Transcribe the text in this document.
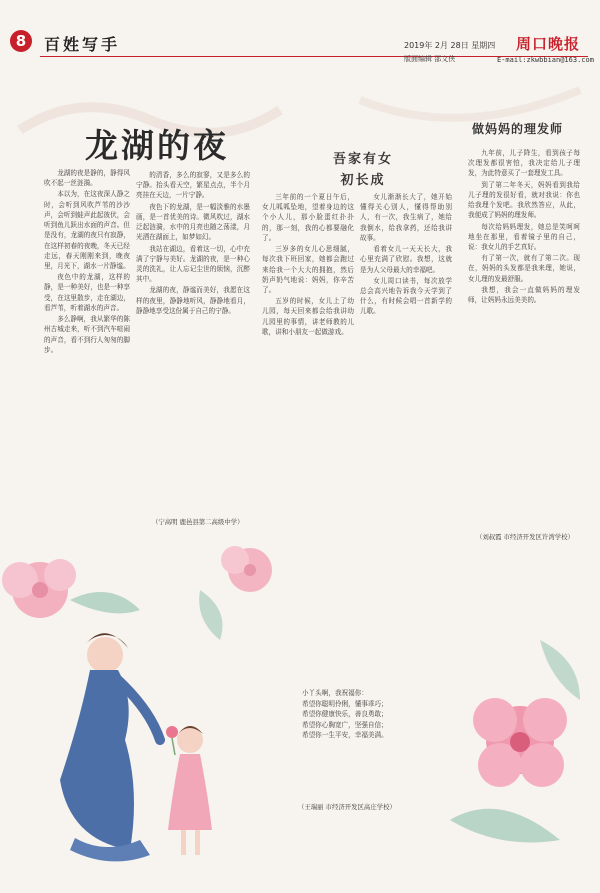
8	百姓写手	2019年 2月 28日 星期四
版面编辑 邵文侠
周口晚报
E-mail:zkwbbian@163.com
龙湖的夜

龙湖的夜是静的，静得风吹不起一丝涟漪。

本以为，在这夜深人静之时，会听到风吹芦苇的沙沙声，会听到蛙声此起彼伏，会听到鱼儿跃出水面的声音。但是没有，龙湖的夜只有寂静，在这样初春的夜晚，冬天已经走远，春天刚刚来到，晚夜里，月光下，湖水一片静谧。

夜色中的龙湖，这样的静，是一种美好，也是一种享受，在这里散步，走在湖边，看芦苇，听着湖水的声音。

多么静啊，我从繁华的陈州古城走来，听不到汽车喧闹的声音，看不到行人匆匆的脚步。

的清香，多么的寂寥，又是多么的宁静。抬头看天空，繁星点点，半个月亮挂在天边，一片宁静。

夜色下的龙湖，是一幅淡雅的水墨画，是一首优美的诗。微风吹过，湖水泛起涟漪，水中的月亮也随之荡漾，月光洒在湖面上，如梦如幻。

我站在湖边，看着这一切，心中充满了宁静与美好。龙湖的夜，是一种心灵的洗礼，让人忘记尘世的烦恼，沉醉其中。

龙湖的夜，静谧而美好，我愿在这样的夜里，静静地听风，静静地看月，静静地享受这份属于自己的宁静。

（宁高明 鹿邑县第二高级中学）
吾家有女
初长成

三年前的一个夏日午后，女儿呱呱坠地，望着身边的这个小人儿，那小脸蛋红扑扑的，那一刻，我的心都要融化了。

三岁多的女儿心思细腻，每次我下班回家，她都会跑过来给我一个大大的拥抱，然后奶声奶气地说：妈妈，你辛苦了。

五岁的时候，女儿上了幼儿园，每天回来都会给我讲幼儿园里的事情，讲老师教的儿歌，讲和小朋友一起做游戏。

女儿渐渐长大了，她开始懂得关心别人，懂得帮助别人，有一次，我生病了，她给我倒水，给我拿药，还给我讲故事。

看着女儿一天天长大，我心里充满了欣慰。我想，这就是为人父母最大的幸福吧。

女儿周口读书，每次放学总会高兴地告诉我今天学到了什么，有时候会唱一首新学的儿歌。

小丫头啊，我祝福你：
希望你聪明伶俐，懂事乖巧；
希望你健康快乐，善良勇敢；
希望你心胸宽广，坚强自信；
希望你一生平安，幸福美满。
（王瑞丽 市经济开发区高庄学校）
做妈妈的理发师

九年前，儿子降生，看到孩子每次理发都很害怕，我决定给儿子理发，为此特意买了一套理发工具。

到了第二年冬天，妈妈看到我给儿子理的发很好看，就对我说：你也给我理个发吧。我欣然答应，从此，我便成了妈妈的理发师。

每次给妈妈理发，她总是笑呵呵地坐在那里，看着镜子里的自己，说：我女儿的手艺真好。

有了第一次，就有了第二次。现在，妈妈的头发都是我来理，她说，女儿理的发最舒服。

我想，我会一直做妈妈的理发师，让妈妈永远美美的。

（刘叔霞 市经济开发区许湾学校）
